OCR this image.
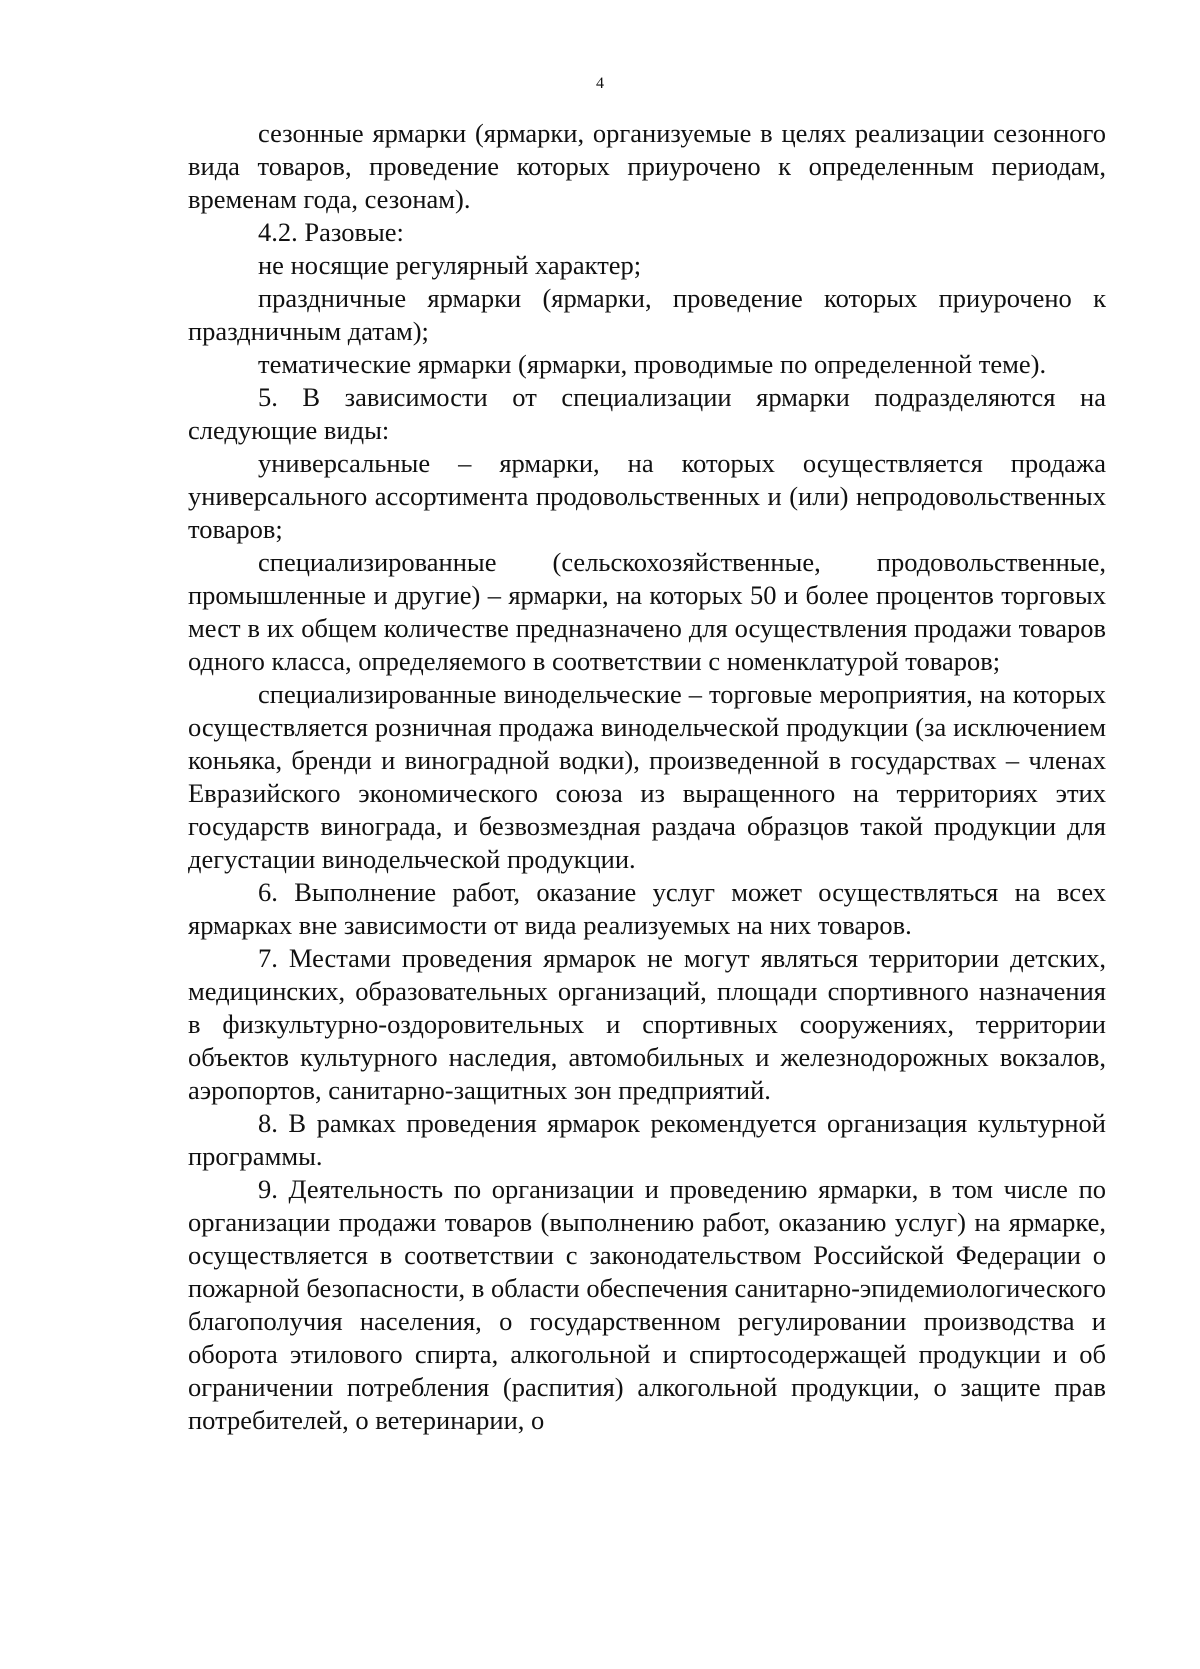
4

сезонные ярмарки (ярмарки, организуемые в целях реализации сезонного вида товаров, проведение которых приурочено к определенным периодам, временам года, сезонам).

4.2. Разовые:

не носящие регулярный характер;

праздничные ярмарки (ярмарки, проведение которых приурочено к праздничным датам);

тематические ярмарки (ярмарки, проводимые по определенной теме).

5. В зависимости от специализации ярмарки подразделяются на следующие виды:

универсальные – ярмарки, на которых осуществляется продажа универсального ассортимента продовольственных и (или) непродовольственных товаров;

специализированные (сельскохозяйственные, продовольственные, промышленные и другие) – ярмарки, на которых 50 и более процентов торговых мест в их общем количестве предназначено для осуществления продажи товаров одного класса, определяемого в соответствии с номенклатурой товаров;

специализированные винодельческие – торговые мероприятия, на которых осуществляется розничная продажа винодельческой продукции (за исключением коньяка, бренди и виноградной водки), произведенной в государствах – членах Евразийского экономического союза из выращенного на территориях этих государств винограда, и безвозмездная раздача образцов такой продукции для дегустации винодельческой продукции.

6. Выполнение работ, оказание услуг может осуществляться на всех ярмарках вне зависимости от вида реализуемых на них товаров.

7. Местами проведения ярмарок не могут являться территории детских, медицинских, образовательных организаций, площади спортивного назначения в физкультурно-оздоровительных и спортивных сооружениях, территории объектов культурного наследия, автомобильных и железнодорожных вокзалов, аэропортов, санитарно-защитных зон предприятий.

8. В рамках проведения ярмарок рекомендуется организация культурной программы.

9. Деятельность по организации и проведению ярмарки, в том числе по организации продажи товаров (выполнению работ, оказанию услуг) на ярмарке, осуществляется в соответствии с законодательством Российской Федерации о пожарной безопасности, в области обеспечения санитарно-эпидемиологического благополучия населения, о государственном регулировании производства и оборота этилового спирта, алкогольной и спиртосодержащей продукции и об ограничении потребления (распития) алкогольной продукции, о защите прав потребителей, о ветеринарии, о
